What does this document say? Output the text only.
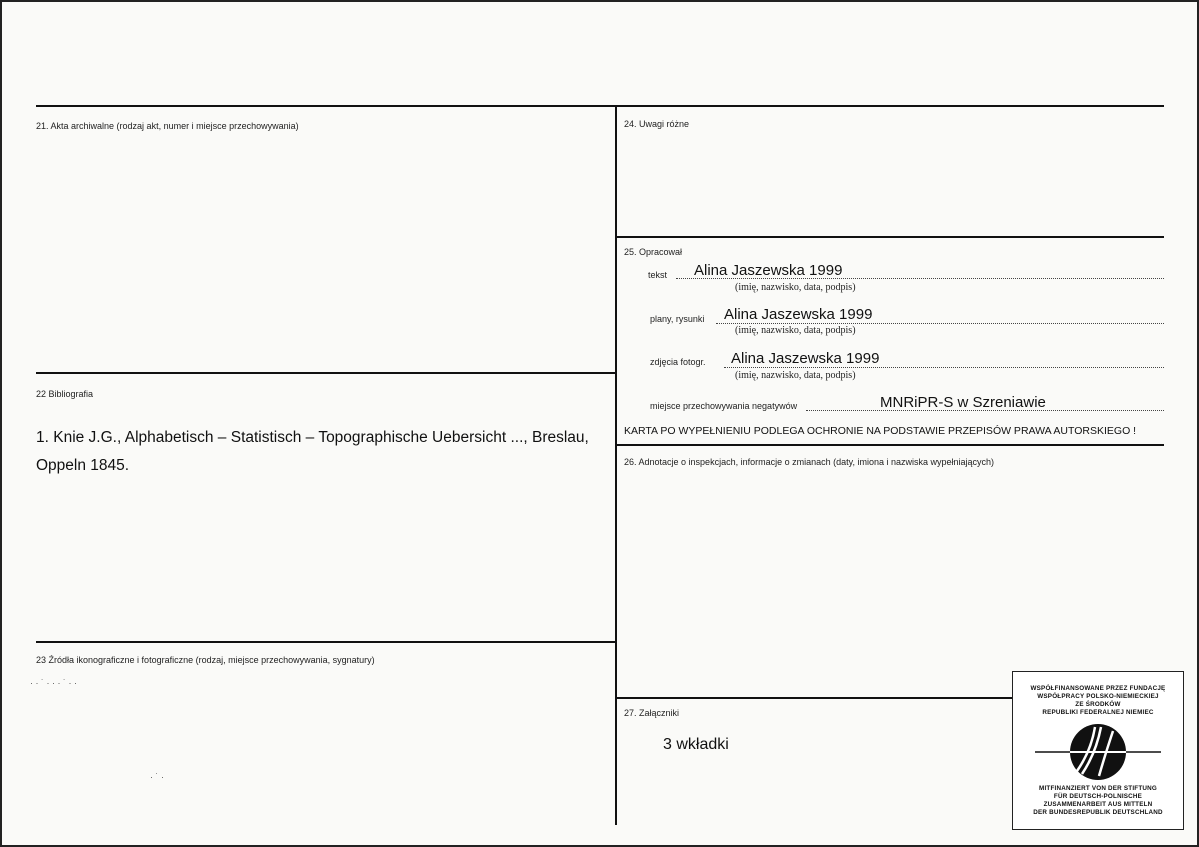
21. Akta archiwalne (rodzaj akt, numer i miejsce przechowywania)	24. Uwagi różne
25. Opracował
tekst Alina Jaszewska 1999
(imię, nazwisko, data, podpis)
plany, rysunki Alina Jaszewska 1999
(imię, nazwisko, data, podpis)
zdjęcia fotogr. Alina Jaszewska 1999
(imię, nazwisko, data, podpis)
miejsce przechowywania negatywów	MNRiPR-S w Szreniawie
KARTA PO WYPEŁNIENIU PODLEGA OCHRONIE NA PODSTAWIE PRZEPISÓW PRAWA AUTORSKIEGO !
22 Bibliografia
1. Knie J.G., Alphabetisch – Statistisch – Topographische Uebersicht ..., Breslau, Oppeln 1845.	26. Adnotacje o inspekcjach, informacje o zmianach (daty, imiona i nazwiska wypełniających)
23 Źródła ikonograficzne i fotograficzne (rodzaj, miejsce przechowywania, sygnatury)
· · ˙ · · · ˙ · ·
· ˙ ·
27. Załączniki
3 wkładki
WSPÓŁFINANSOWANE PRZEZ FUNDACJĘ
WSPÓŁPRACY POLSKO-NIEMIECKIEJ
ZE ŚRODKÓW
REPUBLIKI FEDERALNEJ NIEMIEC
MITFINANZIERT VON DER STIFTUNG
FÜR DEUTSCH-POLNISCHE
ZUSAMMENARBEIT AUS MITTELN
DER BUNDESREPUBLIK DEUTSCHLAND
